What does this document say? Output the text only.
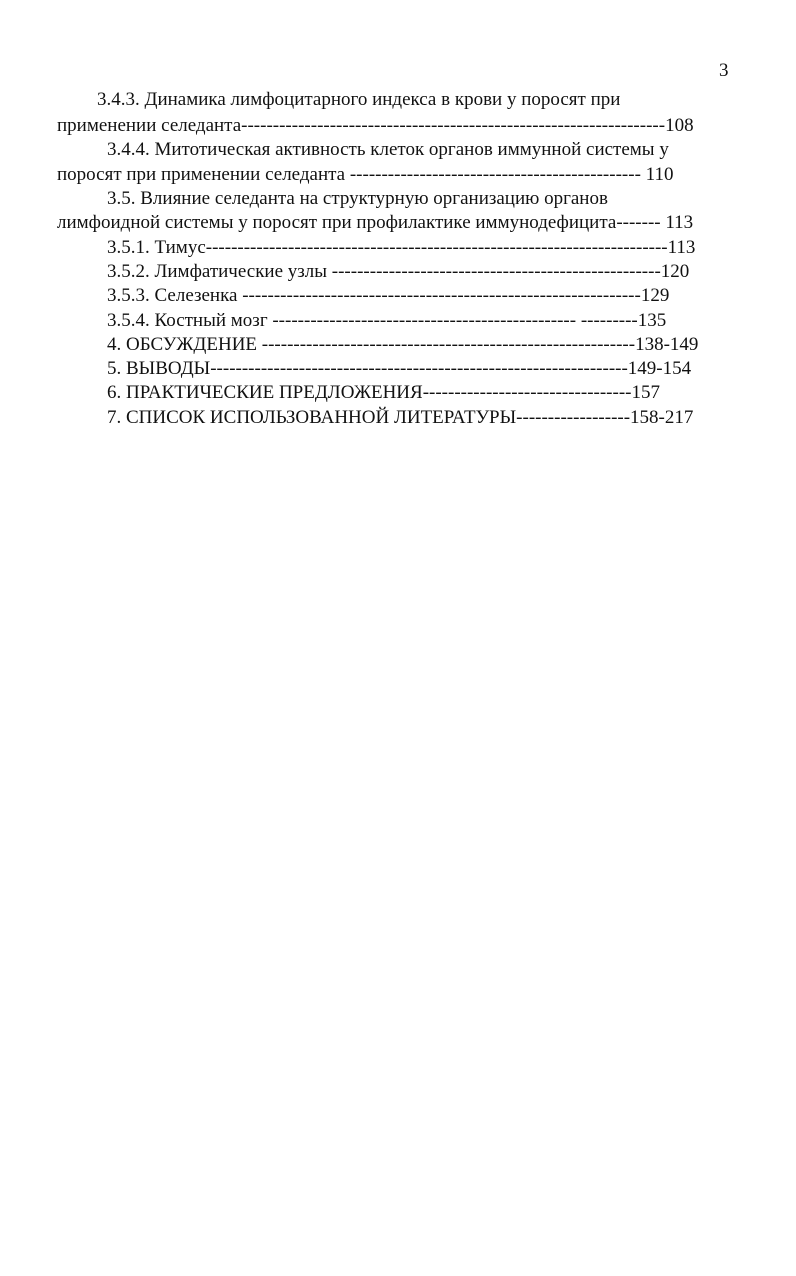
3
3.4.3. Динамика лимфоцитарного индекса в крови у поросят при
применении селеданта-------------------------------------------------------------------108
3.4.4. Митотическая активность клеток органов иммунной системы у
поросят при применении селеданта ---------------------------------------------- 110
3.5. Влияние селеданта на структурную организацию органов
лимфоидной системы у поросят при профилактике иммунодефицита------- 113
3.5.1. Тимус-------------------------------------------------------------------------113
3.5.2. Лимфатические узлы ----------------------------------------------------120
3.5.3. Селезенка ---------------------------------------------------------------129
3.5.4. Костный мозг ------------------------------------------------ ---------135
4. ОБСУЖДЕНИЕ -----------------------------------------------------------138-149
5. ВЫВОДЫ------------------------------------------------------------------149-154
6. ПРАКТИЧЕСКИЕ ПРЕДЛОЖЕНИЯ---------------------------------157
7. СПИСОК ИСПОЛЬЗОВАННОЙ ЛИТЕРАТУРЫ------------------158-217
